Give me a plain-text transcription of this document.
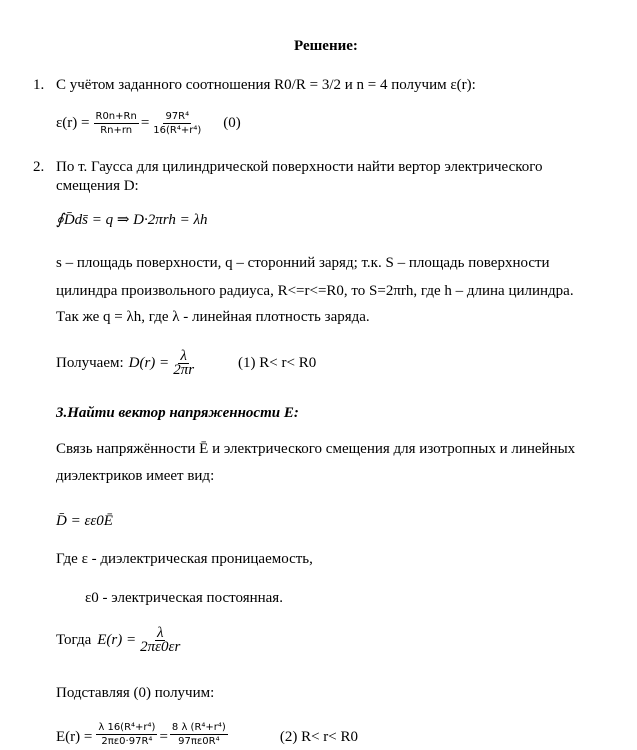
Решение:
1. С учётом заданного соотношения R0/R = 3/2 и n = 4 получим ε(r):
$\varepsilon(r) = \frac{R0n+Rn}{Rn+rn} = \frac{\text{97R⁴}}{\text{16(R⁴+r⁴)}} (0)$
2. По т. Гаусса для цилиндрической поверхности найти вертор электрического
смещения D:
∮D̄ds̄ = q ⇒ D·2πrh = λh
s – площадь поверхности, q – сторонний заряд; т.к. S – площадь поверхности
цилиндра произвольного радиуса, R<=r<=R0, то S=2πrh, где h – длина цилиндра.
Так же q = λh, где λ - линейная плотность заряда.
Получаем: $D(r) = \frac{\lambda}{2\pi r}$	(1) R< r< R0
3.Найти вектор напряженности E:
Связь напряжённости Ē и электрического смещения для изотропных и линейных
диэлектриков имеет вид:
D̄ = εε0Ē
Где ε - диэлектрическая проницаемость,
ε0 - электрическая постоянная.
Тогда $E(r) = \frac{\lambda}{2\pi\varepsilon 0\varepsilon r}$
Подставляя (0) получим:
$E(r) = \frac{\text{λ 16(R⁴+r⁴)}}{\text{2πε0·97R⁴}} = \frac{\text{8 λ (R⁴+r⁴)}}{\text{97πε0R⁴}}$	(2) R< r< R0
